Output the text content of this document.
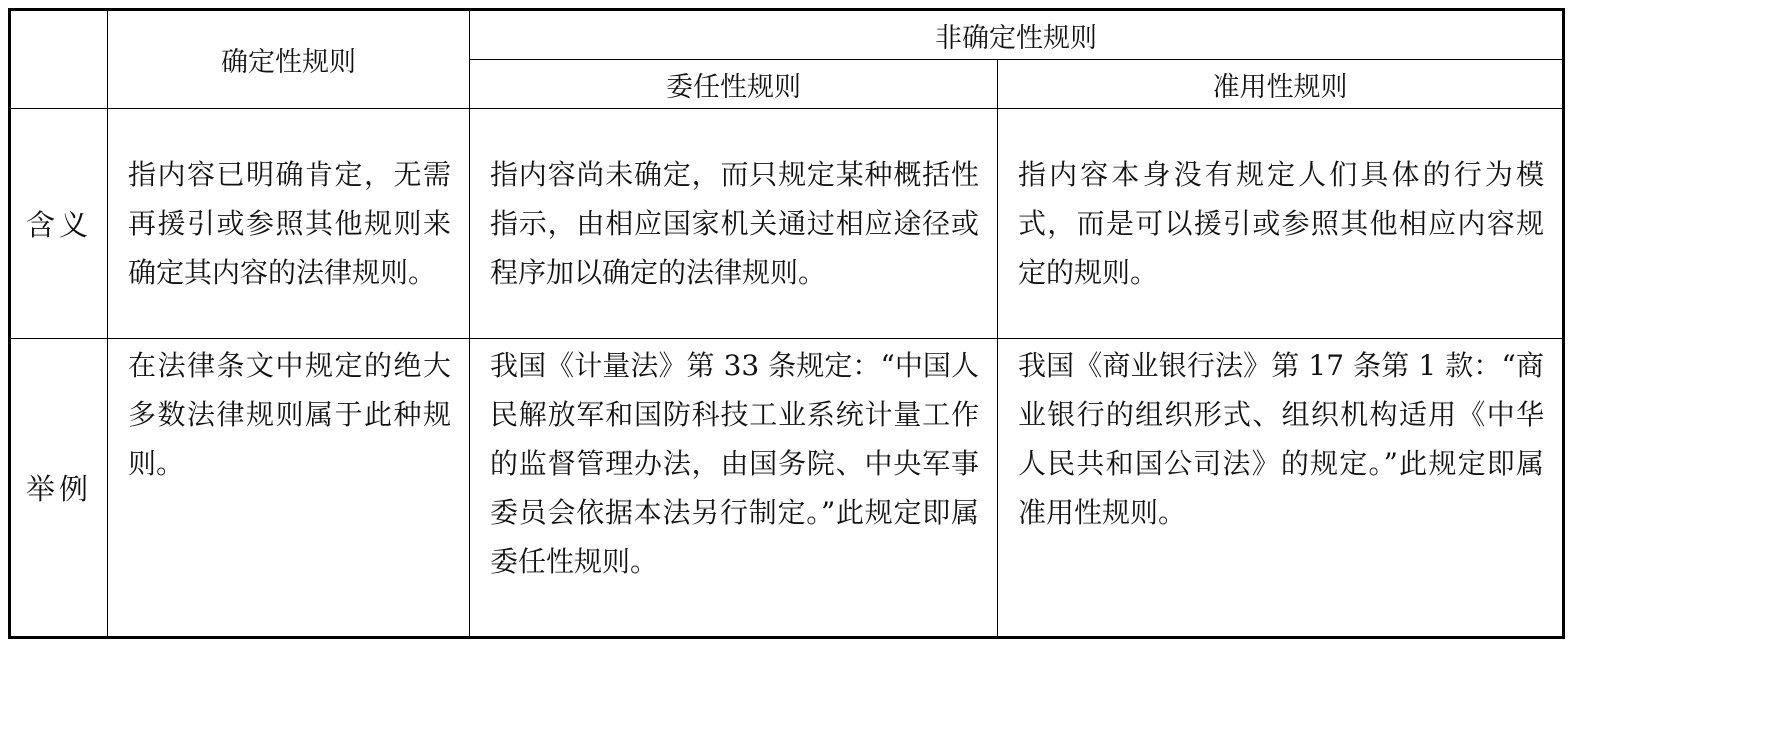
	确定性规则	非确定性规则	
		委任性规则	准用性规则
含义	指内容已明确肯定，无需再援引或参照其他规则来确定其内容的法律规则。	指内容尚未确定，而只规定某种概括性指示，由相应国家机关通过相应途径或程序加以确定的法律规则。	指内容本身没有规定人们具体的行为模式，而是可以援引或参照其他相应内容规定的规则。
举例	在法律条文中规定的绝大多数法律规则属于此种规则。	我国《计量法》第 33 条规定：“中国人民解放军和国防科技工业系统计量工作的监督管理办法，由国务院、中央军事委员会依据本法另行制定。”此规定即属委任性规则。	我国《商业银行法》第 17 条第 1 款：“商业银行的组织形式、组织机构适用《中华人民共和国公司法》的规定。”此规定即属准用性规则。
